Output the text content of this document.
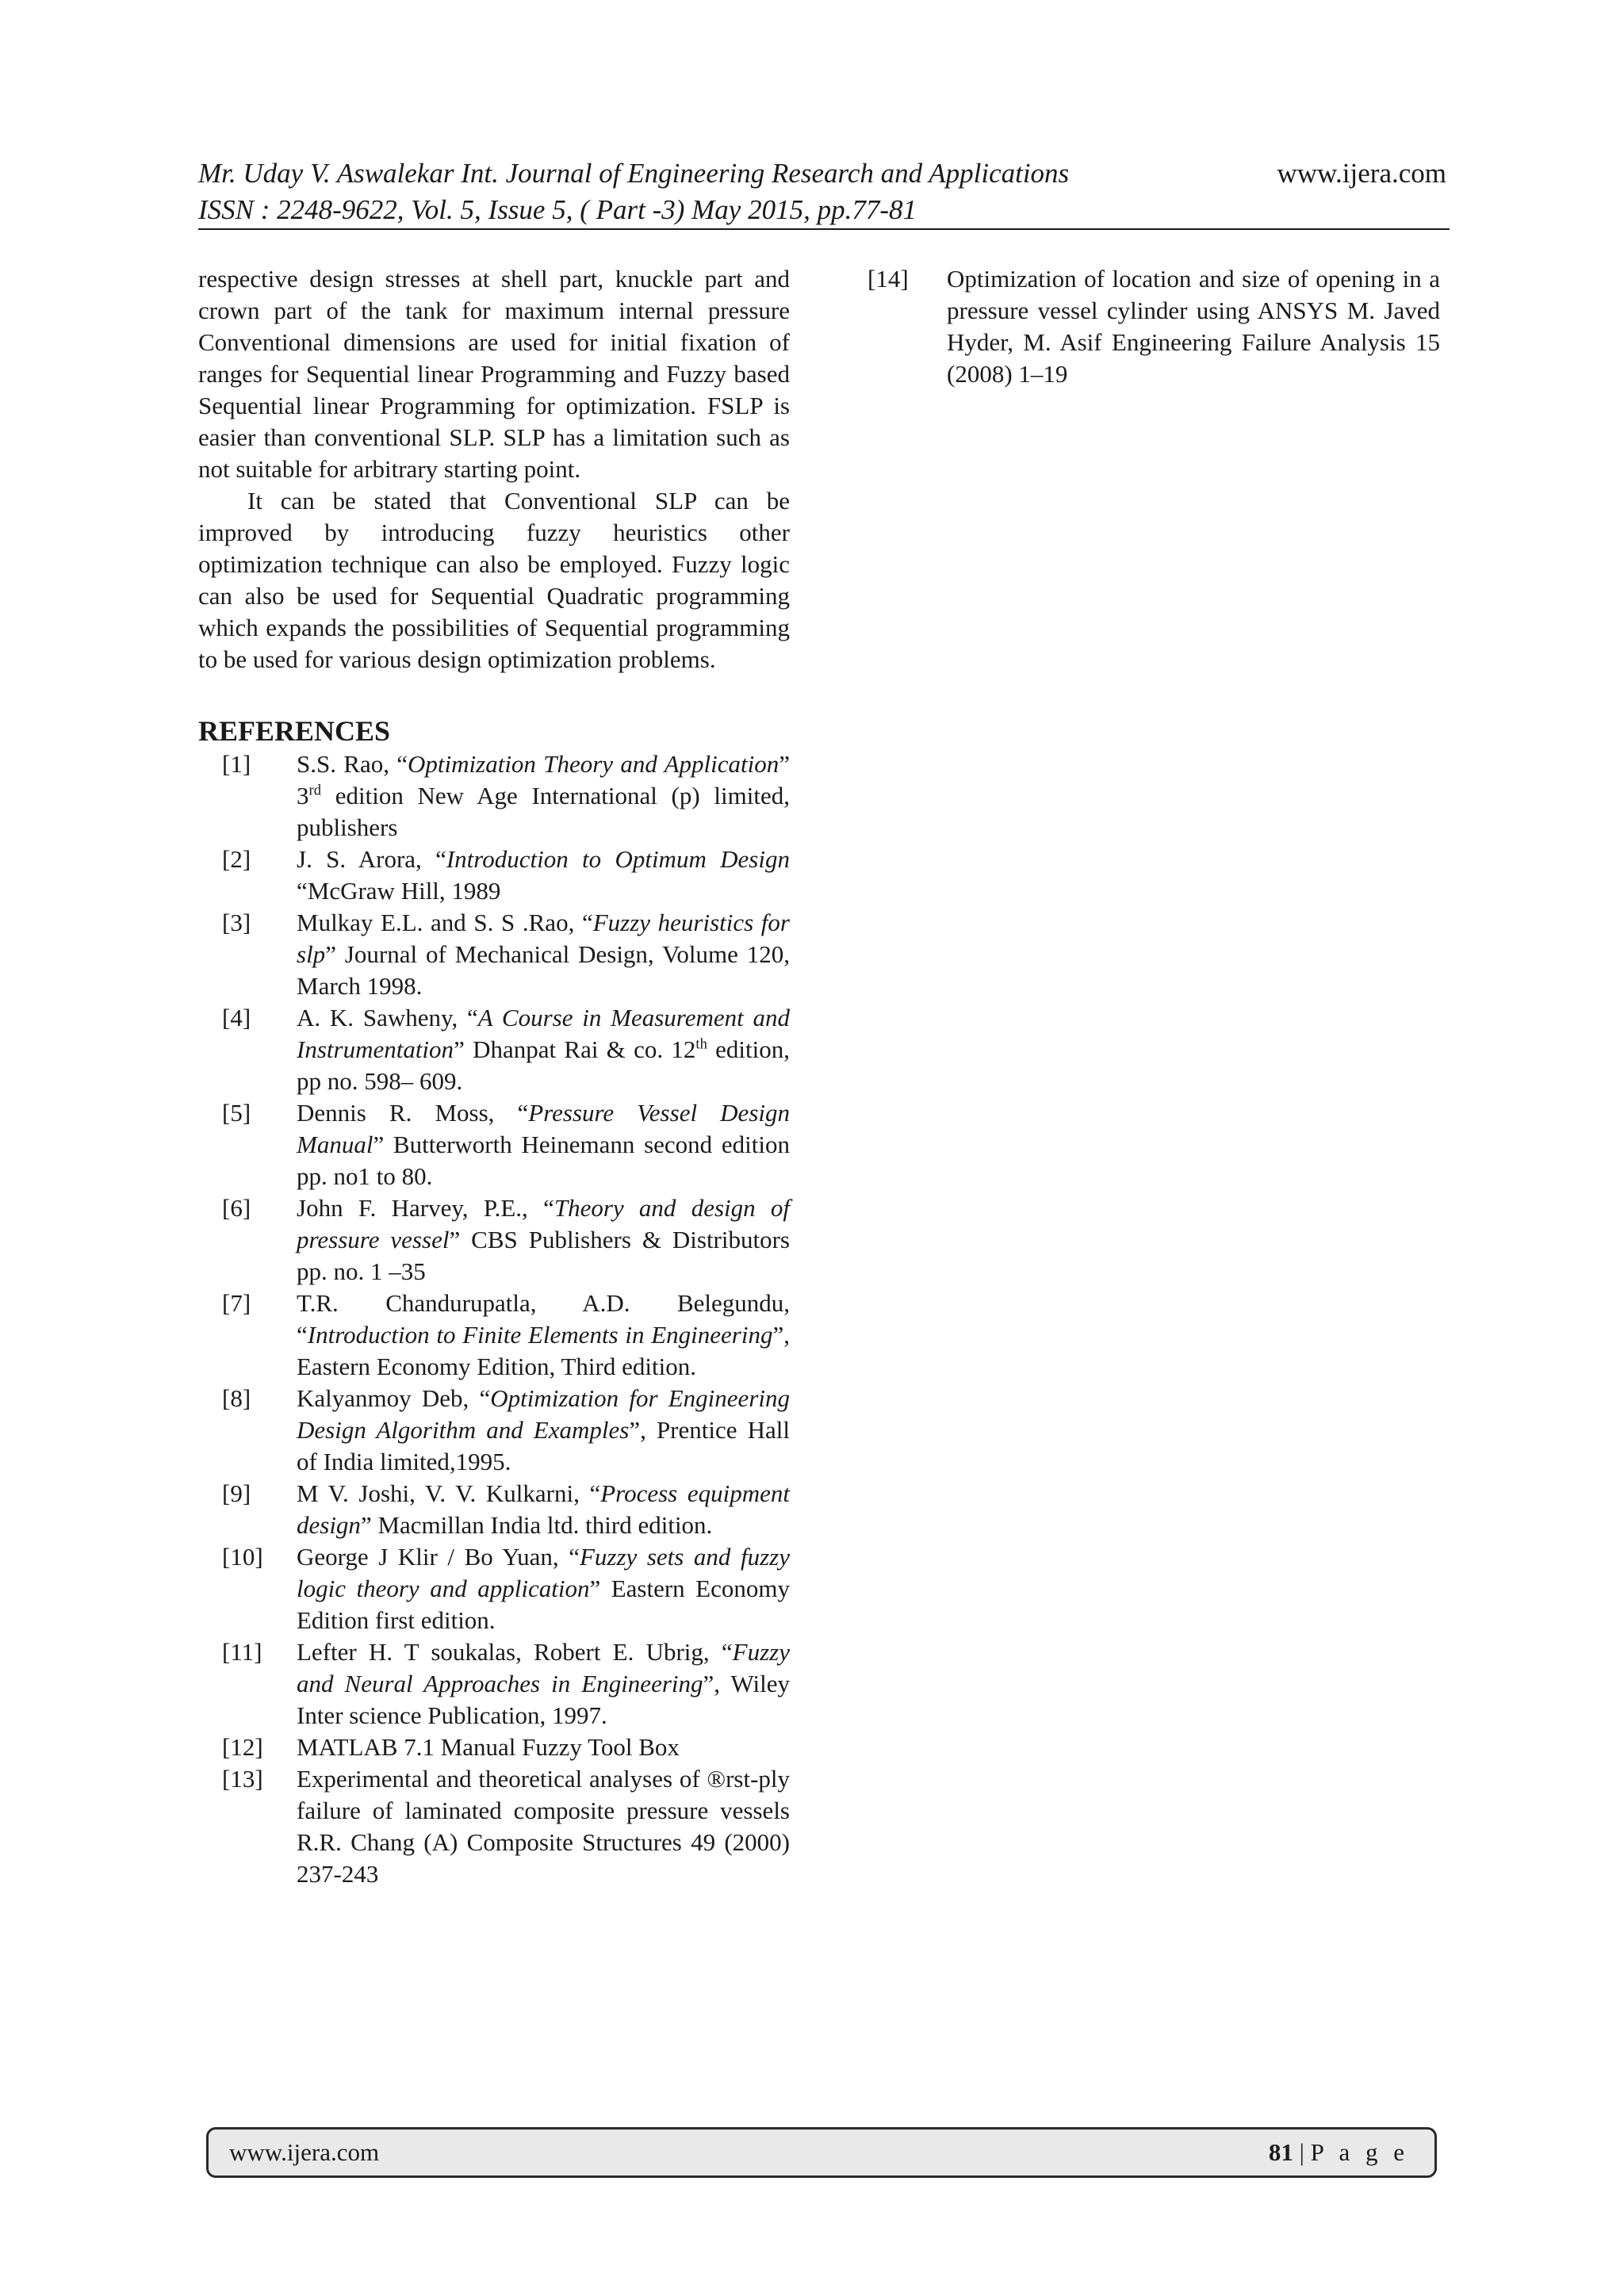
Mr. Uday V. Aswalekar Int. Journal of Engineering Research and Applications	www.ijera.com
ISSN : 2248-9622, Vol. 5, Issue 5, ( Part -3) May 2015, pp.77-81

respective design stresses at shell part, knuckle part and crown part of the tank for maximum internal pressure Conventional dimensions are used for initial fixation of ranges for Sequential linear Programming and Fuzzy based Sequential linear Programming for optimization. FSLP is easier than conventional SLP. SLP has a limitation such as not suitable for arbitrary starting point.

It can be stated that Conventional SLP can be improved by introducing fuzzy heuristics other optimization technique can also be employed. Fuzzy logic can also be used for Sequential Quadratic programming which expands the possibilities of Sequential programming to be used for various design optimization problems.

REFERENCES
[1]	S.S. Rao, “Optimization Theory and Application” 3rd edition New Age International (p) limited, publishers
[2]	J. S. Arora, “Introduction to Optimum Design “McGraw Hill, 1989
[3]	Mulkay E.L. and S. S .Rao, “Fuzzy heuristics for slp” Journal of Mechanical Design, Volume 120, March 1998.
[4]	A. K. Sawheny, “A Course in Measurement and Instrumentation” Dhanpat Rai & co. 12th edition, pp no. 598– 609.
[5]	Dennis R. Moss, “Pressure Vessel Design Manual” Butterworth Heinemann second edition pp. no1 to 80.
[6]	John F. Harvey, P.E., “Theory and design of pressure vessel” CBS Publishers & Distributors pp. no. 1 –35
[7]	T.R. Chandurupatla, A.D. Belegundu, “Introduction to Finite Elements in Engineering”, Eastern Economy Edition, Third edition.
[8]	Kalyanmoy Deb, “Optimization for Engineering Design Algorithm and Examples”, Prentice Hall of India limited,1995.
[9]	M V. Joshi, V. V. Kulkarni, “Process equipment design” Macmillan India ltd. third edition.
[10]	George J Klir / Bo Yuan, “Fuzzy sets and fuzzy logic theory and application” Eastern Economy Edition first edition.
[11]	Lefter H. T soukalas, Robert E. Ubrig, “Fuzzy and Neural Approaches in Engineering”, Wiley Inter science Publication, 1997.
[12]	MATLAB 7.1 Manual Fuzzy Tool Box
[13]	Experimental and theoretical analyses of ®rst-ply failure of laminated composite pressure vessels R.R. Chang (A) Composite Structures 49 (2000) 237-243
[14]	Optimization of location and size of opening in a pressure vessel cylinder using ANSYS M. Javed Hyder, M. Asif Engineering Failure Analysis 15 (2008) 1–19
www.ijera.com	81 | P a g e
